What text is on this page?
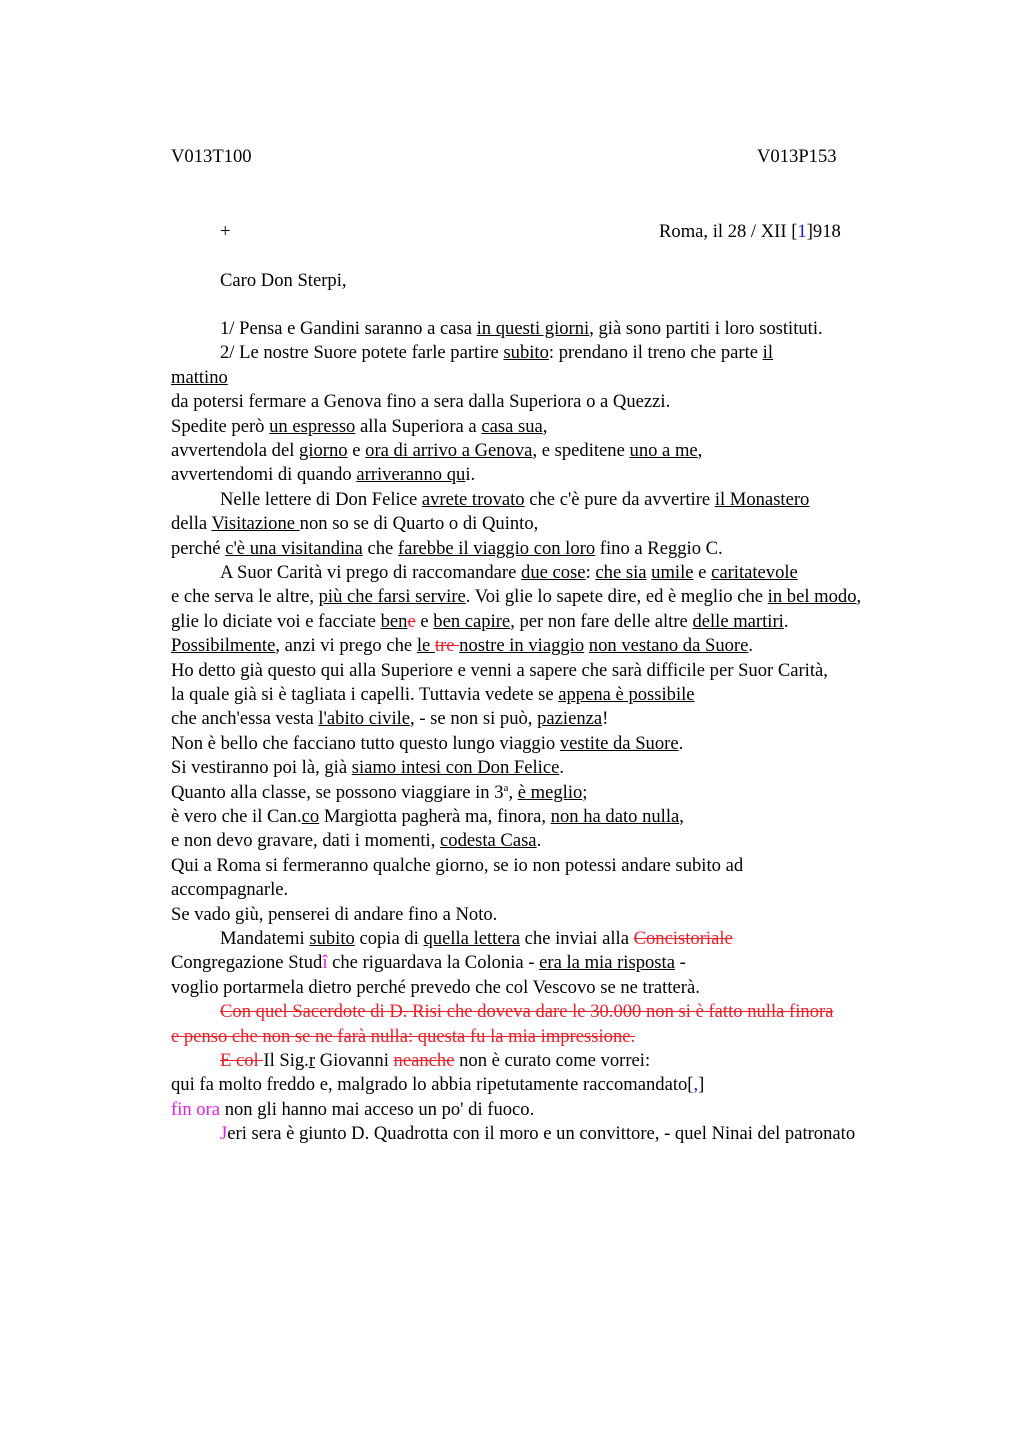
V013T100	V013P153
+	Roma, il 28 / XII [1]918
Caro Don Sterpi,
1/ Pensa e Gandini saranno a casa in questi giorni, già sono partiti i loro sostituti.
2/ Le nostre Suore potete farle partire subito: prendano il treno che parte il
mattino
da potersi fermare a Genova fino a sera dalla Superiora o a Quezzi.
Spedite però un espresso alla Superiora a casa sua,
avvertendola del giorno e ora di arrivo a Genova, e speditene uno a me,
avvertendomi di quando arriveranno qui.
Nelle lettere di Don Felice avrete trovato che c'è pure da avvertire il Monastero
della Visitazione non so se di Quarto o di Quinto,
perché c'è una visitandina che farebbe il viaggio con loro fino a Reggio C.
A Suor Carità vi prego di raccomandare due cose: che sia umile e caritatevole
e che serva le altre, più che farsi servire. Voi glie lo sapete dire, ed è meglio che in bel modo,
glie lo diciate voi e facciate bene e ben capire, per non fare delle altre delle martiri.
Possibilmente, anzi vi prego che le tre nostre in viaggio non vestano da Suore.
Ho detto già questo qui alla Superiore e venni a sapere che sarà difficile per Suor Carità,
la quale già si è tagliata i capelli. Tuttavia vedete se appena è possibile
che anch'essa vesta l'abito civile, - se non si può, pazienza!
Non è bello che facciano tutto questo lungo viaggio vestite da Suore.
Si vestiranno poi là, già siamo intesi con Don Felice.
Quanto alla classe, se possono viaggiare in 3$^a$, è meglio;
è vero che il Can.co Margiotta pagherà ma, finora, non ha dato nulla,
e non devo gravare, dati i momenti, codesta Casa.
Qui a Roma si fermeranno qualche giorno, se io non potessi andare subito ad
accompagnarle.
Se vado giù, penserei di andare fino a Noto.
Mandatemi subito copia di quella lettera che inviai alla Concistoriale
Congregazione Studî che riguardava la Colonia - era la mia risposta -
voglio portarmela dietro perché prevedo che col Vescovo se ne tratterà.
Con quel Sacerdote di D. Risi che doveva dare le 30.000 non si è fatto nulla finora
e penso che non se ne farà nulla: questa fu la mia impressione.
E col Il Sig.r Giovanni neanche non è curato come vorrei:
qui fa molto freddo e, malgrado lo abbia ripetutamente raccomandato[,]
fin ora non gli hanno mai acceso un po' di fuoco.
Jeri sera è giunto D. Quadrotta con il moro e un convittore, - quel Ninai del patronato
